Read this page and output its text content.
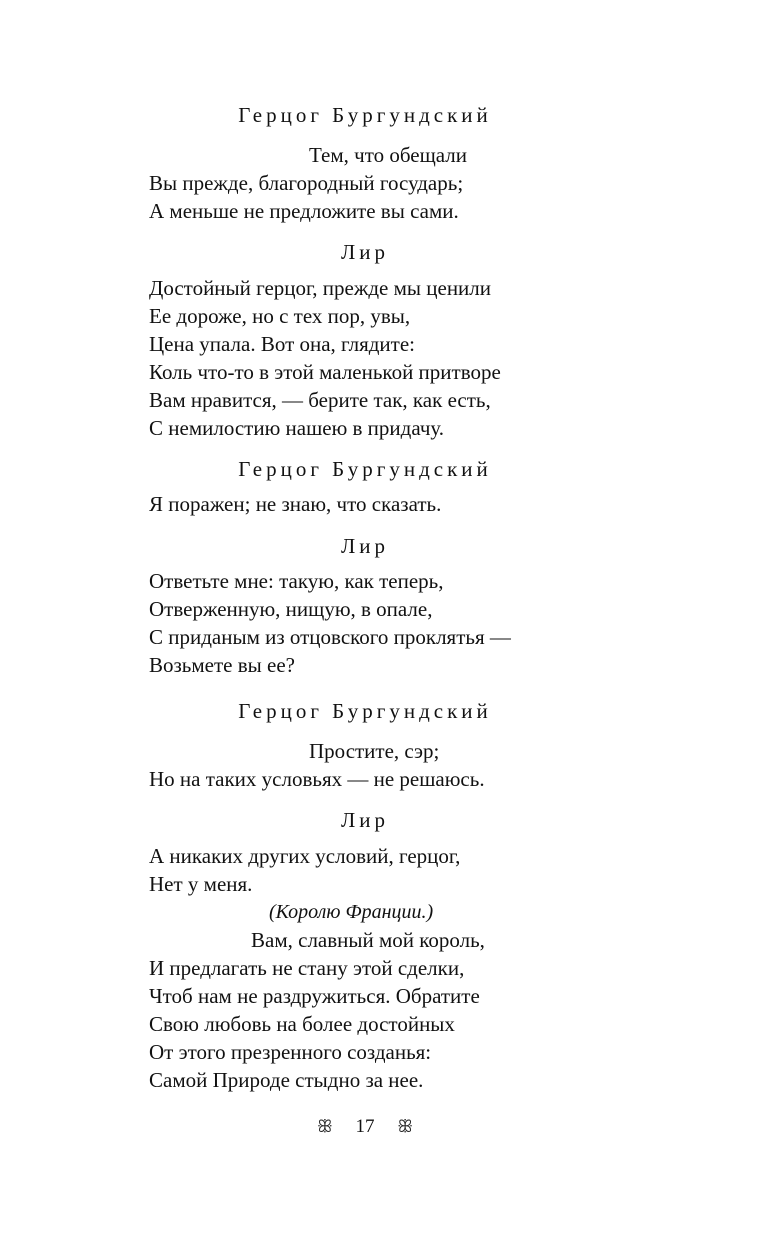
Герцог Бургундский
Тем, что обещали
Вы прежде, благородный государь;
А меньше не предложите вы сами.
Лир
Достойный герцог, прежде мы ценили
Ее дороже, но с тех пор, увы,
Цена упала. Вот она, глядите:
Коль что-то в этой маленькой притворе
Вам нравится, — берите так, как есть,
С немилостию нашею в придачу.
Герцог Бургундский
Я поражен; не знаю, что сказать.
Лир
Ответьте мне: такую, как теперь,
Отверженную, нищую, в опале,
С приданым из отцовского проклятья —
Возьмете вы ее?
Герцог Бургундский
Простите, сэр;
Но на таких условьях — не решаюсь.
Лир
А никаких других условий, герцог,
Нет у меня.
(Королю Франции.)
Вам, славный мой король,
И предлагать не стану этой сделки,
Чтоб нам не раздружиться. Обратите
Свою любовь на более достойных
От этого презренного созданья:
Самой Природе стыдно за нее.
ꕥ 17 ꕥ
